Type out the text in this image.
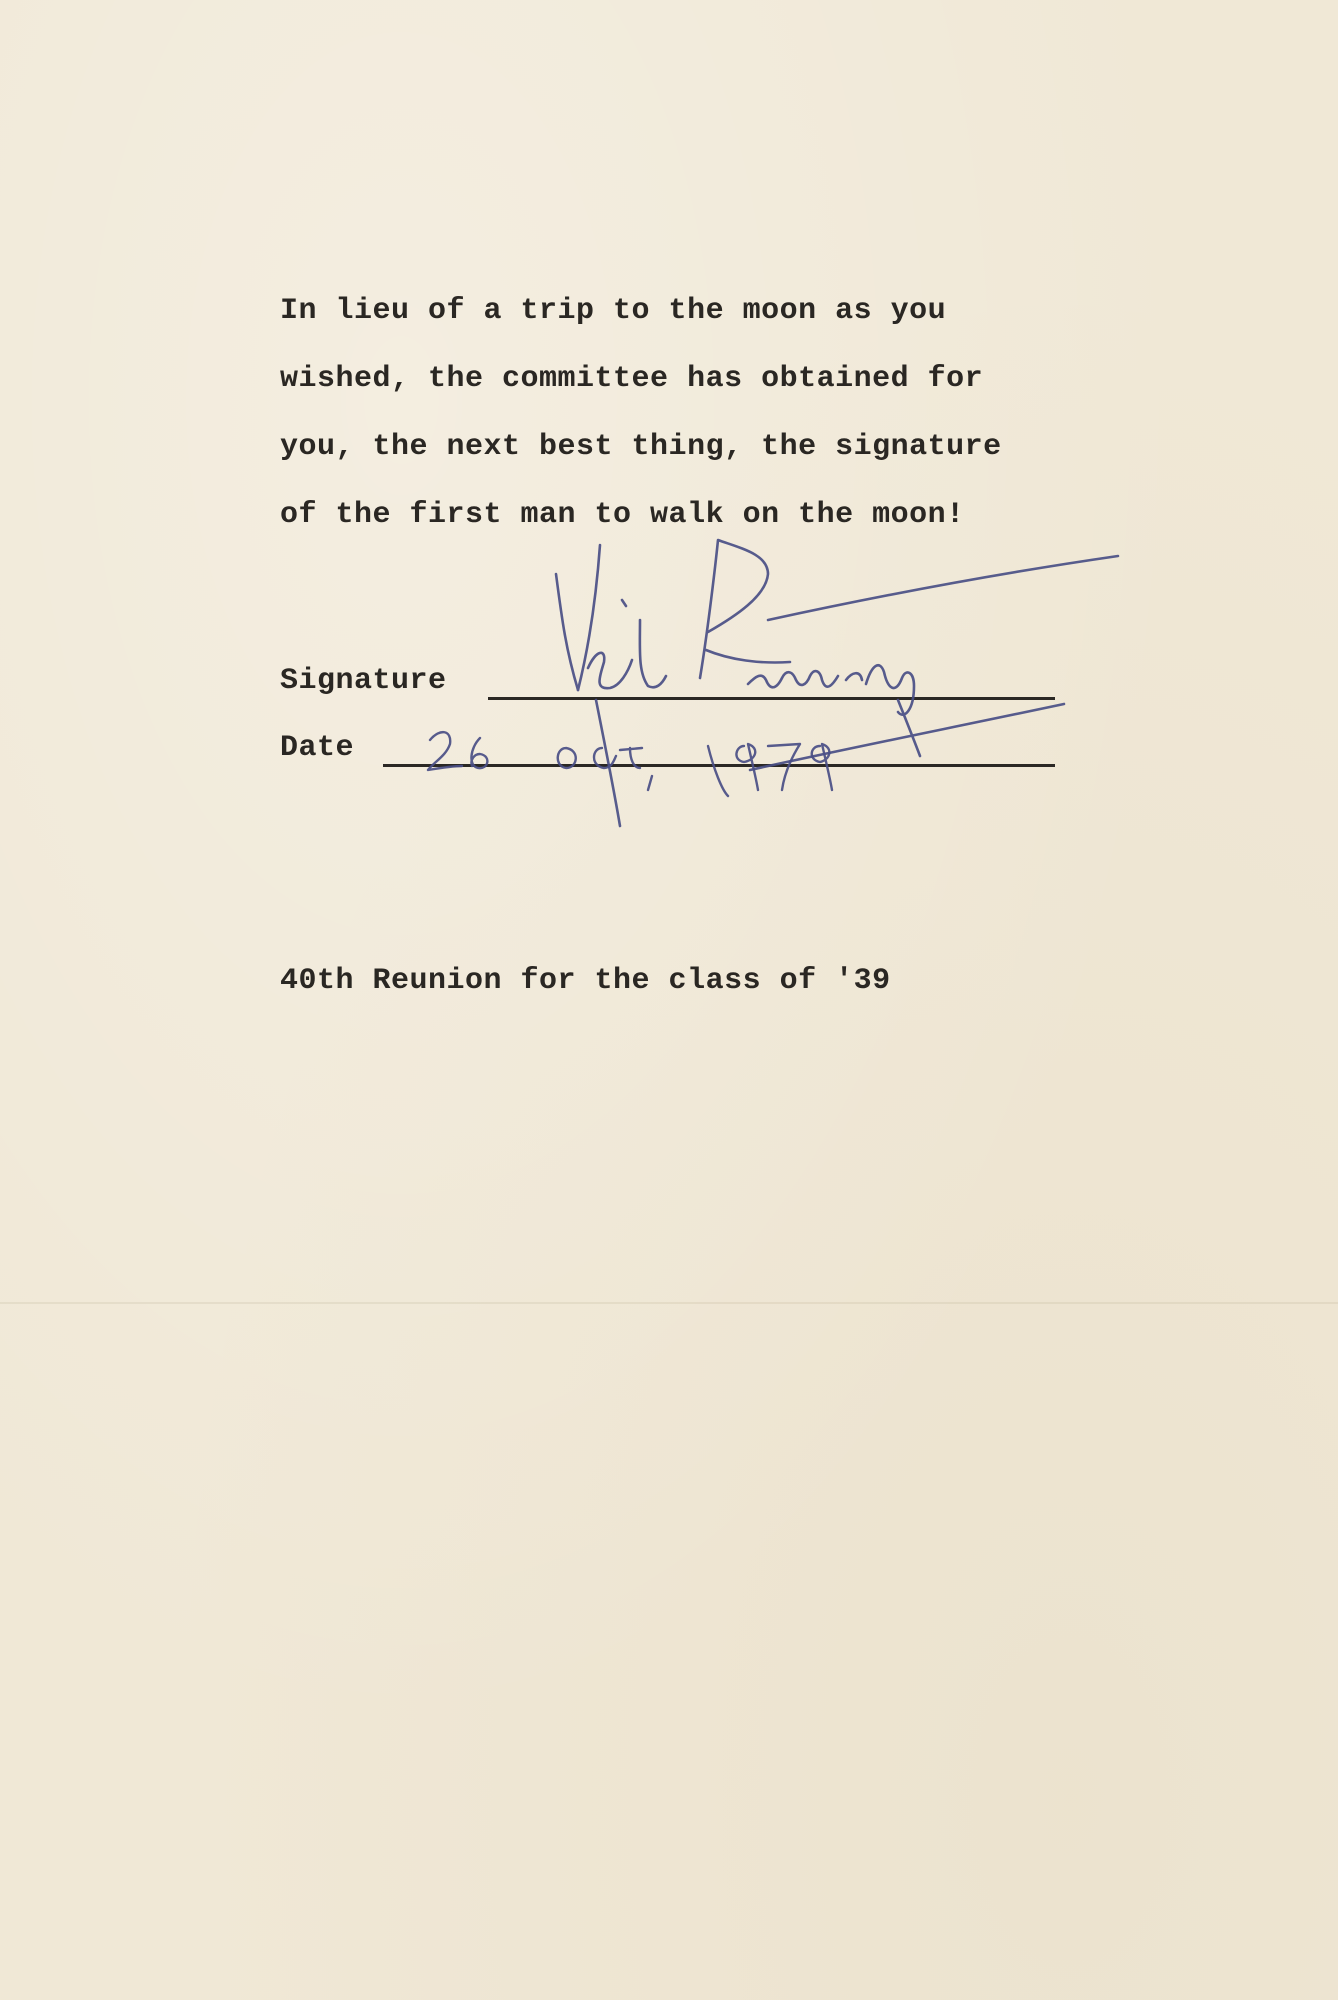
In lieu of a trip to the moon as you
wished, the committee has obtained for
you, the next best thing, the signature
of the first man to walk on the moon!
Signature
Date
40th Reunion for the class of '39
